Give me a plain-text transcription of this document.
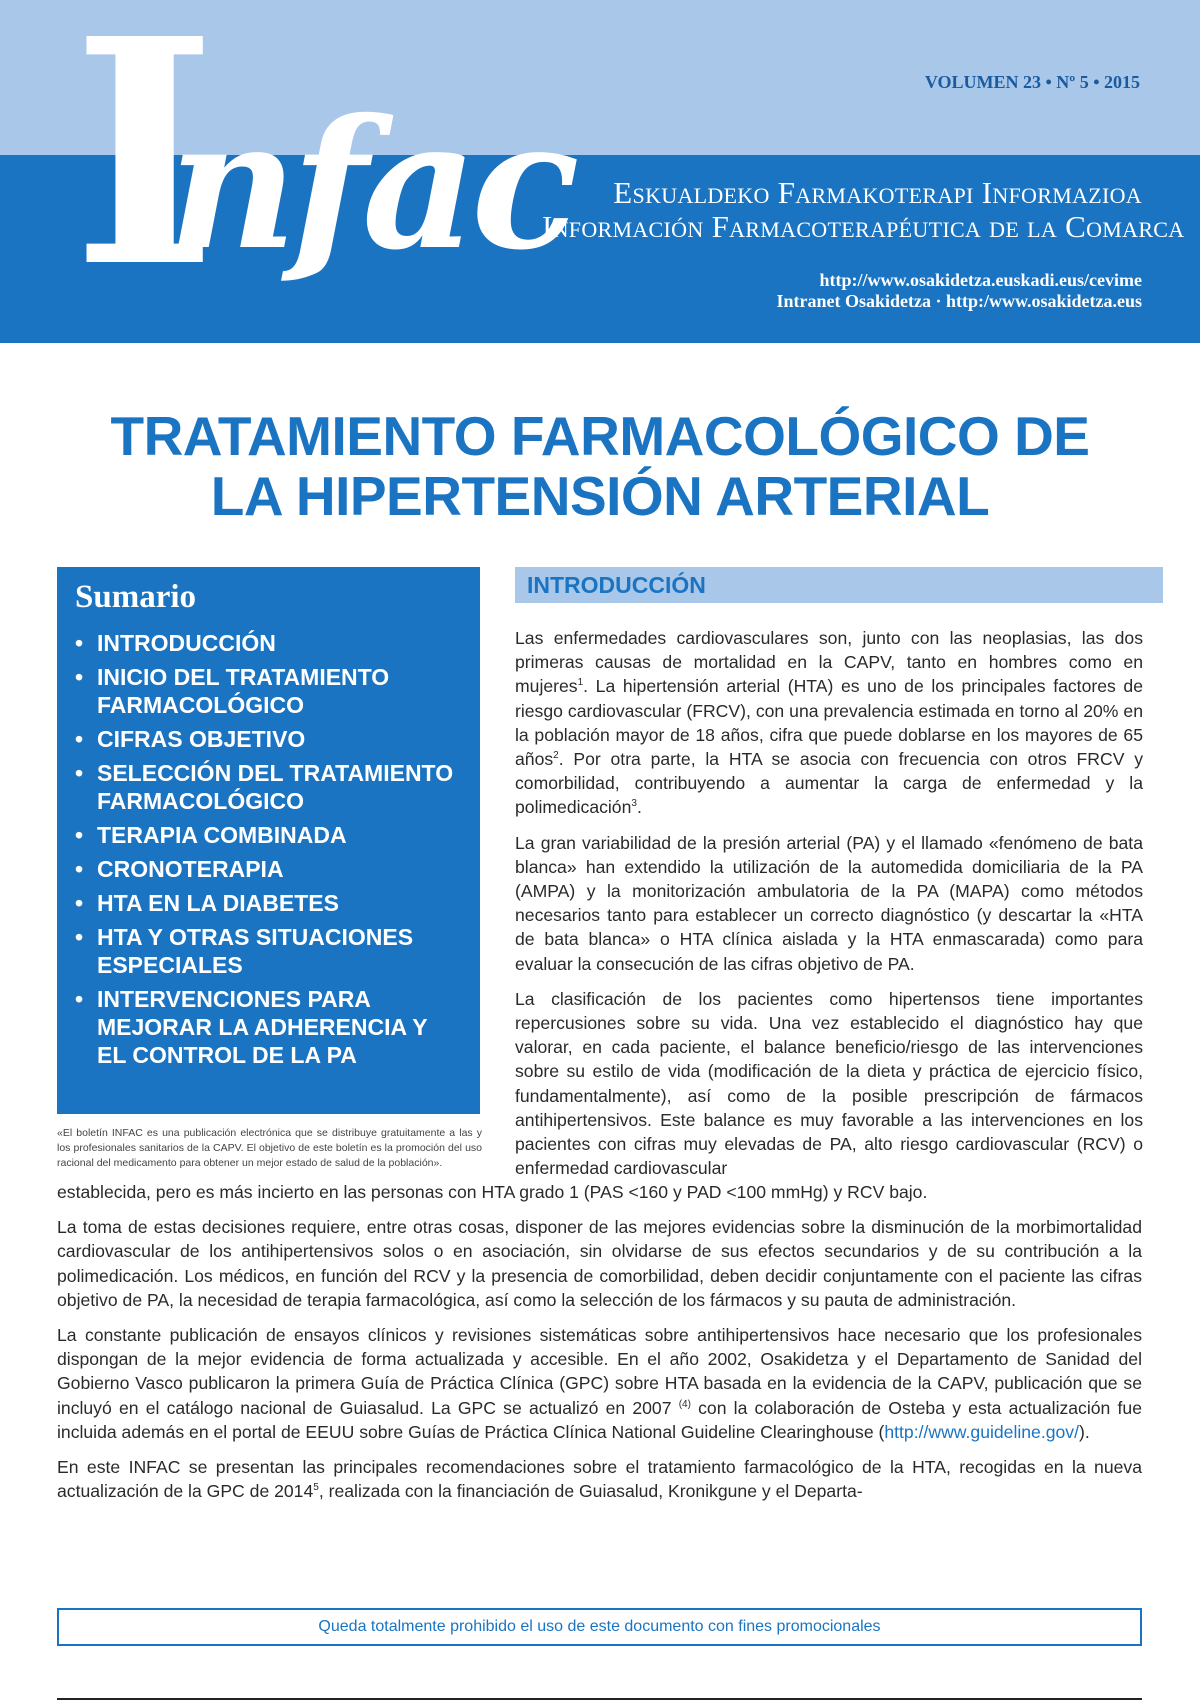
I
nfac	VOLUMEN 23 • Nº 5 • 2015
Eskualdeko Farmakoterapi Informazioa
Información Farmacoterapéutica de la Comarca
http://www.osakidetza.euskadi.eus/cevime
Intranet Osakidetza · http:/www.osakidetza.eus
TRATAMIENTO FARMACOLÓGICO DE
LA HIPERTENSIÓN ARTERIAL
Sumario
• INTRODUCCIÓN
• INICIO DEL TRATAMIENTO FARMACOLÓGICO
• CIFRAS OBJETIVO
• SELECCIÓN DEL TRATAMIENTO FARMACOLÓGICO
• TERAPIA COMBINADA
• CRONOTERAPIA
• HTA EN LA DIABETES
• HTA Y OTRAS SITUACIONES ESPECIALES
• INTERVENCIONES PARA MEJORAR LA ADHERENCIA Y EL CONTROL DE LA PA
«El boletín INFAC es una publicación electrónica que se distribuye gratuitamente a las y los profesionales sanitarios de la CAPV. El objetivo de este boletín es la promoción del uso racional del medicamento para obtener un mejor estado de salud de la población».
INTRODUCCIÓN

Las enfermedades cardiovasculares son, junto con las neoplasias, las dos primeras causas de mortalidad en la CAPV, tanto en hombres como en mujeres$^1$. La hipertensión arterial (HTA) es uno de los principales factores de riesgo cardiovascular (FRCV), con una prevalencia estimada en torno al 20% en la población mayor de 18 años, cifra que puede doblarse en los mayores de 65 años$^2$. Por otra parte, la HTA se asocia con frecuencia con otros FRCV y comorbilidad, contribuyendo a aumentar la carga de enfermedad y la polimedicación$^3$.

La gran variabilidad de la presión arterial (PA) y el llamado «fenómeno de bata blanca» han extendido la utilización de la automedida domiciliaria de la PA (AMPA) y la monitorización ambulatoria de la PA (MAPA) como métodos necesarios tanto para establecer un correcto diagnóstico (y descartar la «HTA de bata blanca» o HTA clínica aislada y la HTA enmascarada) como para evaluar la consecución de las cifras objetivo de PA.

La clasificación de los pacientes como hipertensos tiene importantes repercusiones sobre su vida. Una vez establecido el diagnóstico hay que valorar, en cada paciente, el balance beneficio/riesgo de las intervenciones sobre su estilo de vida (modificación de la dieta y práctica de ejercicio físico, fundamentalmente), así como de la posible prescripción de fármacos antihipertensivos. Este balance es muy favorable a las intervenciones en los pacientes con cifras muy elevadas de PA, alto riesgo cardiovascular (RCV) o enfermedad cardiovascular

establecida, pero es más incierto en las personas con HTA grado 1 (PAS <160 y PAD <100 mmHg) y RCV bajo.

La toma de estas decisiones requiere, entre otras cosas, disponer de las mejores evidencias sobre la disminución de la morbimortalidad cardiovascular de los antihipertensivos solos o en asociación, sin olvidarse de sus efectos secundarios y de su contribución a la polimedicación. Los médicos, en función del RCV y la presencia de comorbilidad, deben decidir conjuntamente con el paciente las cifras objetivo de PA, la necesidad de terapia farmacológica, así como la selección de los fármacos y su pauta de administración.

La constante publicación de ensayos clínicos y revisiones sistemáticas sobre antihipertensivos hace necesario que los profesionales dispongan de la mejor evidencia de forma actualizada y accesible. En el año 2002, Osakidetza y el Departamento de Sanidad del Gobierno Vasco publicaron la primera Guía de Práctica Clínica (GPC) sobre HTA basada en la evidencia de la CAPV, publicación que se incluyó en el catálogo nacional de Guiasalud. La GPC se actualizó en 2007 $^{(4)}$ con la colaboración de Osteba y esta actualización fue incluida además en el portal de EEUU sobre Guías de Práctica Clínica National Guideline Clearinghouse (http://www.guideline.gov/).

En este INFAC se presentan las principales recomendaciones sobre el tratamiento farmacológico de la HTA, recogidas en la nueva actualización de la GPC de 2014$^5$, realizada con la financiación de Guiasalud, Kronikgune y el Departa-

Queda totalmente prohibido el uso de este documento con fines promocionales
